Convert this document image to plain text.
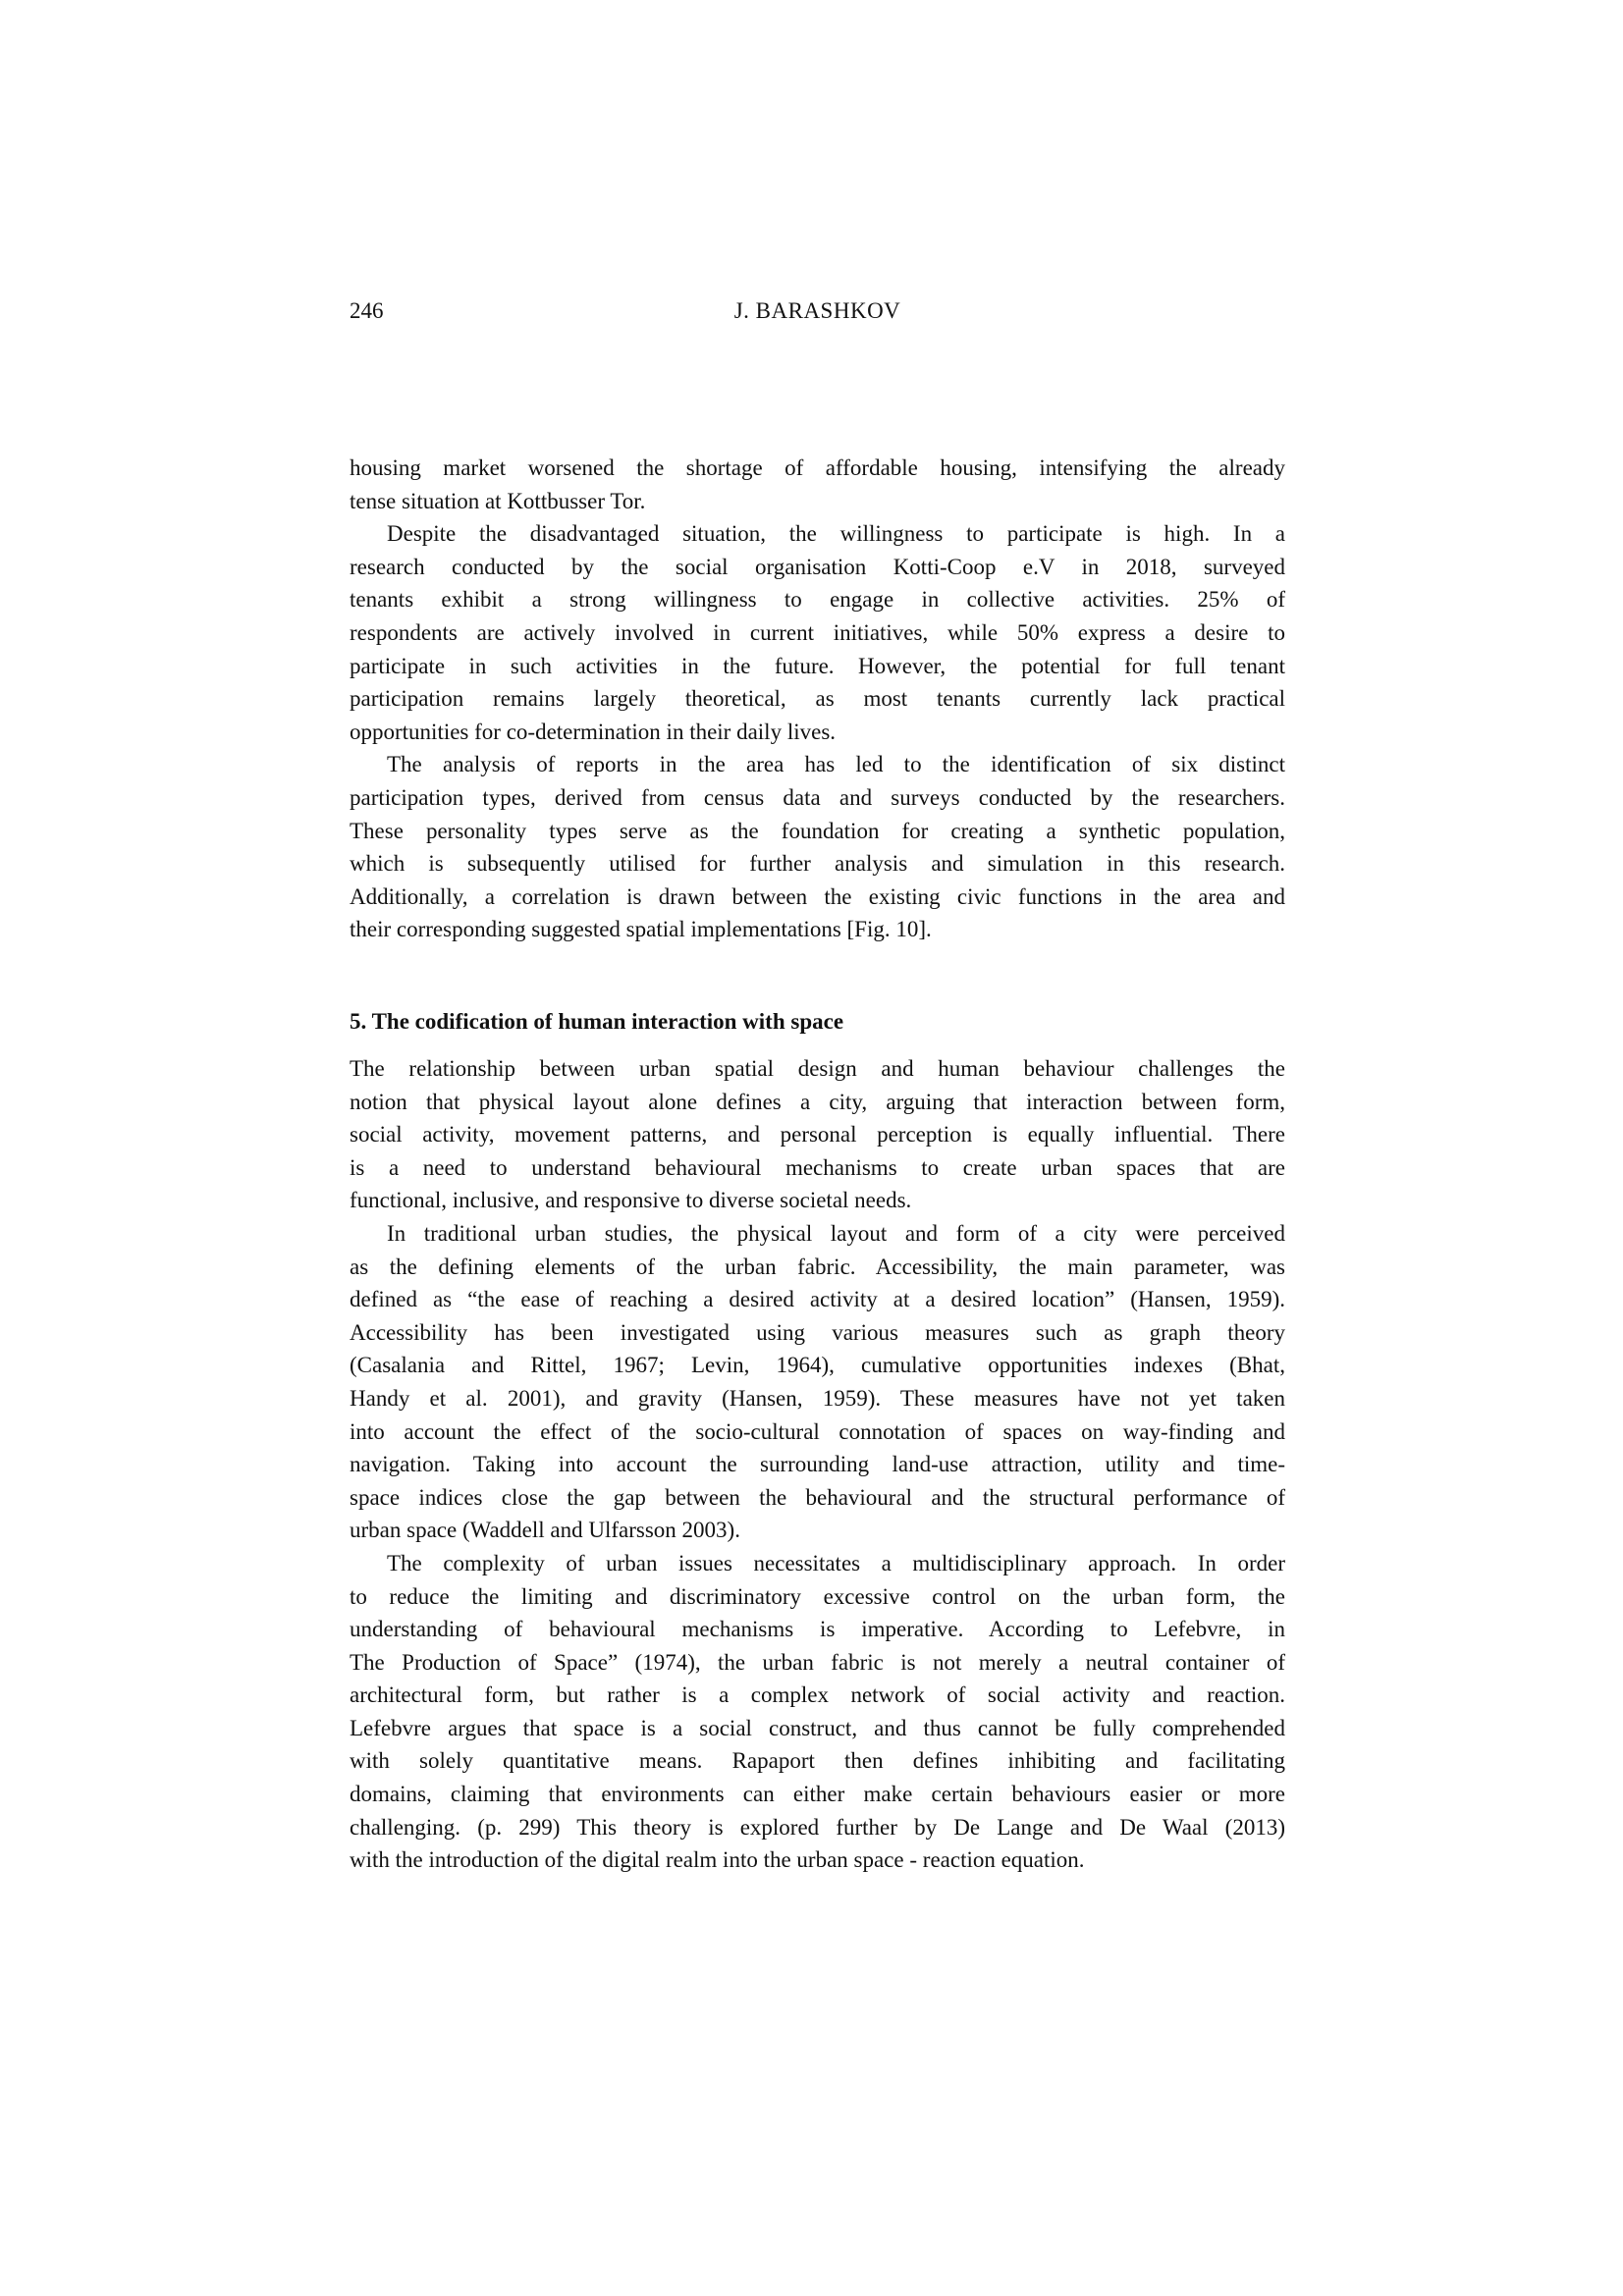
246	J. BARASHKOV
housing market worsened the shortage of affordable housing, intensifying the already
tense situation at Kottbusser Tor.
Despite the disadvantaged situation, the willingness to participate is high. In a
research conducted by the social organisation Kotti-Coop e.V in 2018, surveyed
tenants exhibit a strong willingness to engage in collective activities. 25% of
respondents are actively involved in current initiatives, while 50% express a desire to
participate in such activities in the future. However, the potential for full tenant
participation remains largely theoretical, as most tenants currently lack practical
opportunities for co-determination in their daily lives.
The analysis of reports in the area has led to the identification of six distinct
participation types, derived from census data and surveys conducted by the researchers.
These personality types serve as the foundation for creating a synthetic population,
which is subsequently utilised for further analysis and simulation in this research.
Additionally, a correlation is drawn between the existing civic functions in the area and
their corresponding suggested spatial implementations [Fig. 10].
5. The codification of human interaction with space
The relationship between urban spatial design and human behaviour challenges the
notion that physical layout alone defines a city, arguing that interaction between form,
social activity, movement patterns, and personal perception is equally influential. There
is a need to understand behavioural mechanisms to create urban spaces that are
functional, inclusive, and responsive to diverse societal needs.
In traditional urban studies, the physical layout and form of a city were perceived
as the defining elements of the urban fabric. Accessibility, the main parameter, was
defined as “the ease of reaching a desired activity at a desired location” (Hansen, 1959).
Accessibility has been investigated using various measures such as graph theory
(Casalania and Rittel, 1967; Levin, 1964), cumulative opportunities indexes (Bhat,
Handy et al. 2001), and gravity (Hansen, 1959). These measures have not yet taken
into account the effect of the socio-cultural connotation of spaces on way-finding and
navigation. Taking into account the surrounding land-use attraction, utility and time-
space indices close the gap between the behavioural and the structural performance of
urban space (Waddell and Ulfarsson 2003).
The complexity of urban issues necessitates a multidisciplinary approach. In order
to reduce the limiting and discriminatory excessive control on the urban form, the
understanding of behavioural mechanisms is imperative. According to Lefebvre, in
The Production of Space” (1974), the urban fabric is not merely a neutral container of
architectural form, but rather is a complex network of social activity and reaction.
Lefebvre argues that space is a social construct, and thus cannot be fully comprehended
with solely quantitative means. Rapaport then defines inhibiting and facilitating
domains, claiming that environments can either make certain behaviours easier or more
challenging. (p. 299) This theory is explored further by De Lange and De Waal (2013)
with the introduction of the digital realm into the urban space - reaction equation.
